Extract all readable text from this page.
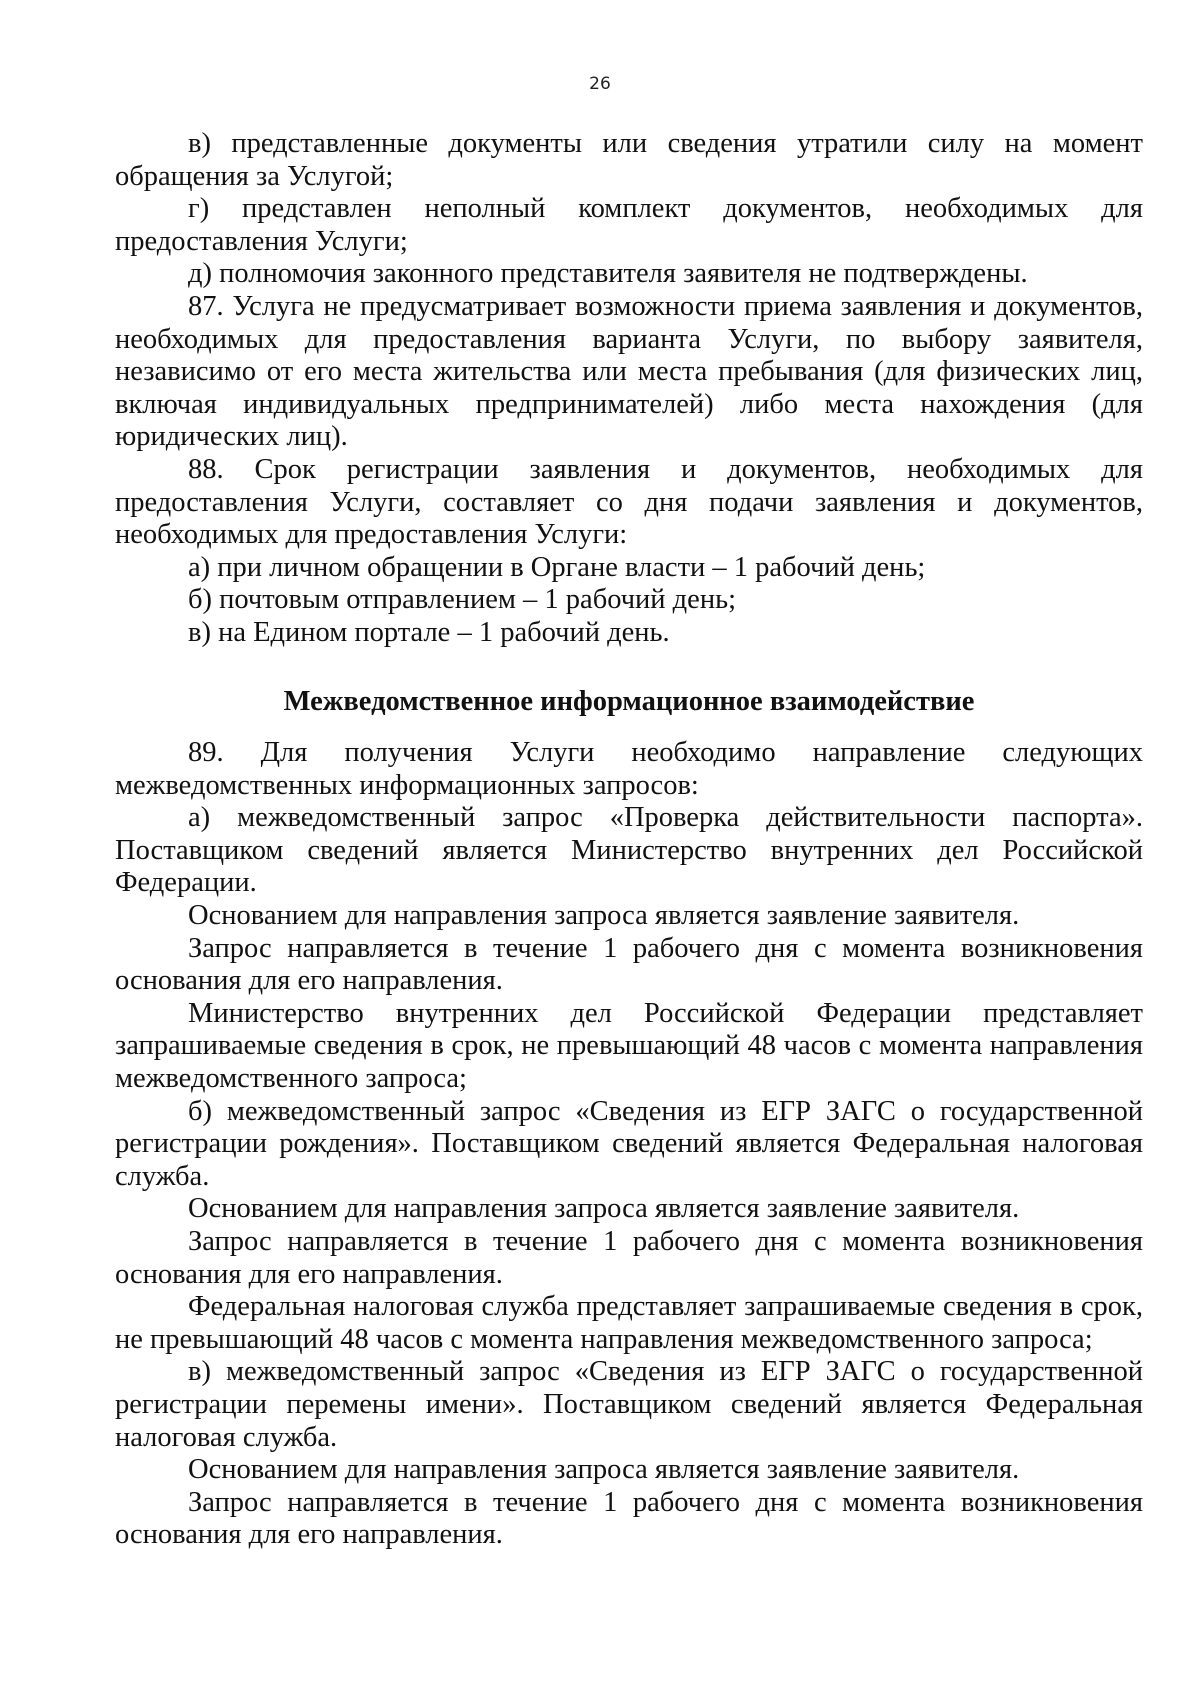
26

в) представленные документы или сведения утратили силу на момент обращения за Услугой;

г) представлен неполный комплект документов, необходимых для предоставления Услуги;

д) полномочия законного представителя заявителя не подтверждены.

87. Услуга не предусматривает возможности приема заявления и документов, необходимых для предоставления варианта Услуги, по выбору заявителя, независимо от его места жительства или места пребывания (для физических лиц, включая индивидуальных предпринимателей) либо места нахождения (для юридических лиц).

88. Срок регистрации заявления и документов, необходимых для предоставления Услуги, составляет со дня подачи заявления и документов, необходимых для предоставления Услуги:

а) при личном обращении в Органе власти – 1 рабочий день;

б) почтовым отправлением – 1 рабочий день;

в) на Едином портале – 1 рабочий день.

Межведомственное информационное взаимодействие

89. Для получения Услуги необходимо направление следующих межведомственных информационных запросов:

а) межведомственный запрос «Проверка действительности паспорта». Поставщиком сведений является Министерство внутренних дел Российской Федерации.

Основанием для направления запроса является заявление заявителя.

Запрос направляется в течение 1 рабочего дня с момента возникновения основания для его направления.

Министерство внутренних дел Российской Федерации представляет запрашиваемые сведения в срок, не превышающий 48 часов с момента направления межведомственного запроса;

б) межведомственный запрос «Сведения из ЕГР ЗАГС о государственной регистрации рождения». Поставщиком сведений является Федеральная налоговая служба.

Основанием для направления запроса является заявление заявителя.

Запрос направляется в течение 1 рабочего дня с момента возникновения основания для его направления.

Федеральная налоговая служба представляет запрашиваемые сведения в срок, не превышающий 48 часов с момента направления межведомственного запроса;

в) межведомственный запрос «Сведения из ЕГР ЗАГС о государственной регистрации перемены имени». Поставщиком сведений является Федеральная налоговая служба.

Основанием для направления запроса является заявление заявителя.

Запрос направляется в течение 1 рабочего дня с момента возникновения основания для его направления.
